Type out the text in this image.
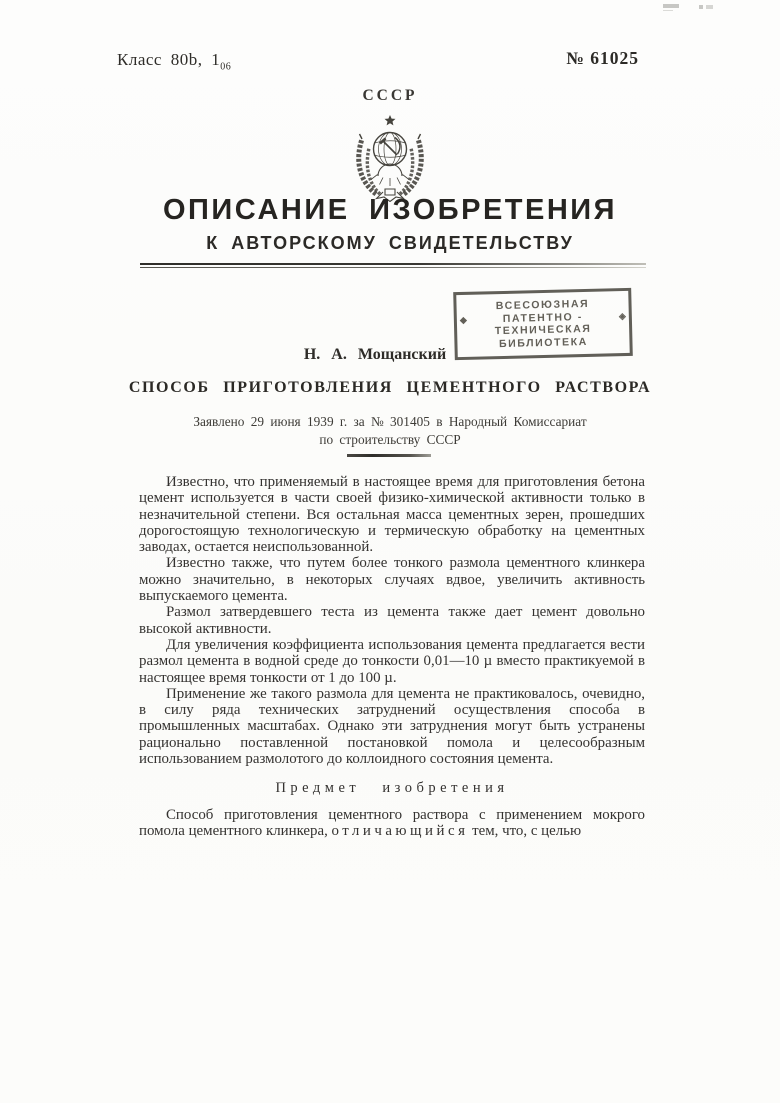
Класс 80b, $1_{06}$	№ 61025
СССР
ОПИСАНИЕ ИЗОБРЕТЕНИЯ
К АВТОРСКОМУ СВИДЕТЕЛЬСТВУ
ВСЕСОЮЗНАЯ
◆	ПАТЕНТНО -	◈
ТЕХНИЧЕСКАЯ
БИБЛИОТЕКА
Н. А. Мощанский
СПОСОБ ПРИГОТОВЛЕНИЯ ЦЕМЕНТНОГО РАСТВОРА
Заявлено 29 июня 1939 г. за № 301405 в Народный Комиссариат
по строительству СССР

Известно, что применяемый в настоящее время для приготовления бетона цемент используется в части своей физико-химической активности только в незначительной степени. Вся остальная масса цементных зерен, прошедших дорогостоящую технологическую и термическую обработку на цементных заводах, остается неиспользованной.

Известно также, что путем более тонкого размола цементного клинкера можно значительно, в некоторых случаях вдвое, увеличить активность выпускаемого цемента.

Размол затвердевшего теста из цемента также дает цемент довольно высокой активности.

Для увеличения коэффициента использования цемента предлагается вести размол цемента в водной среде до тонкости 0,01—10 µ вместо практикуемой в настоящее время тонкости от 1 до 100 µ.

Применение же такого размола для цемента не практиковалось, очевидно, в силу ряда технических затруднений осуществления способа в промышленных масштабах. Однако эти затруднения могут быть устранены рационально поставленной постановкой помола и целесообразным использованием размолотого до коллоидного состояния цемента.

Предмет изобретения

Способ приготовления цементного раствора с применением мокрого помола цементного клинкера, отличающийся тем, что, с целью
